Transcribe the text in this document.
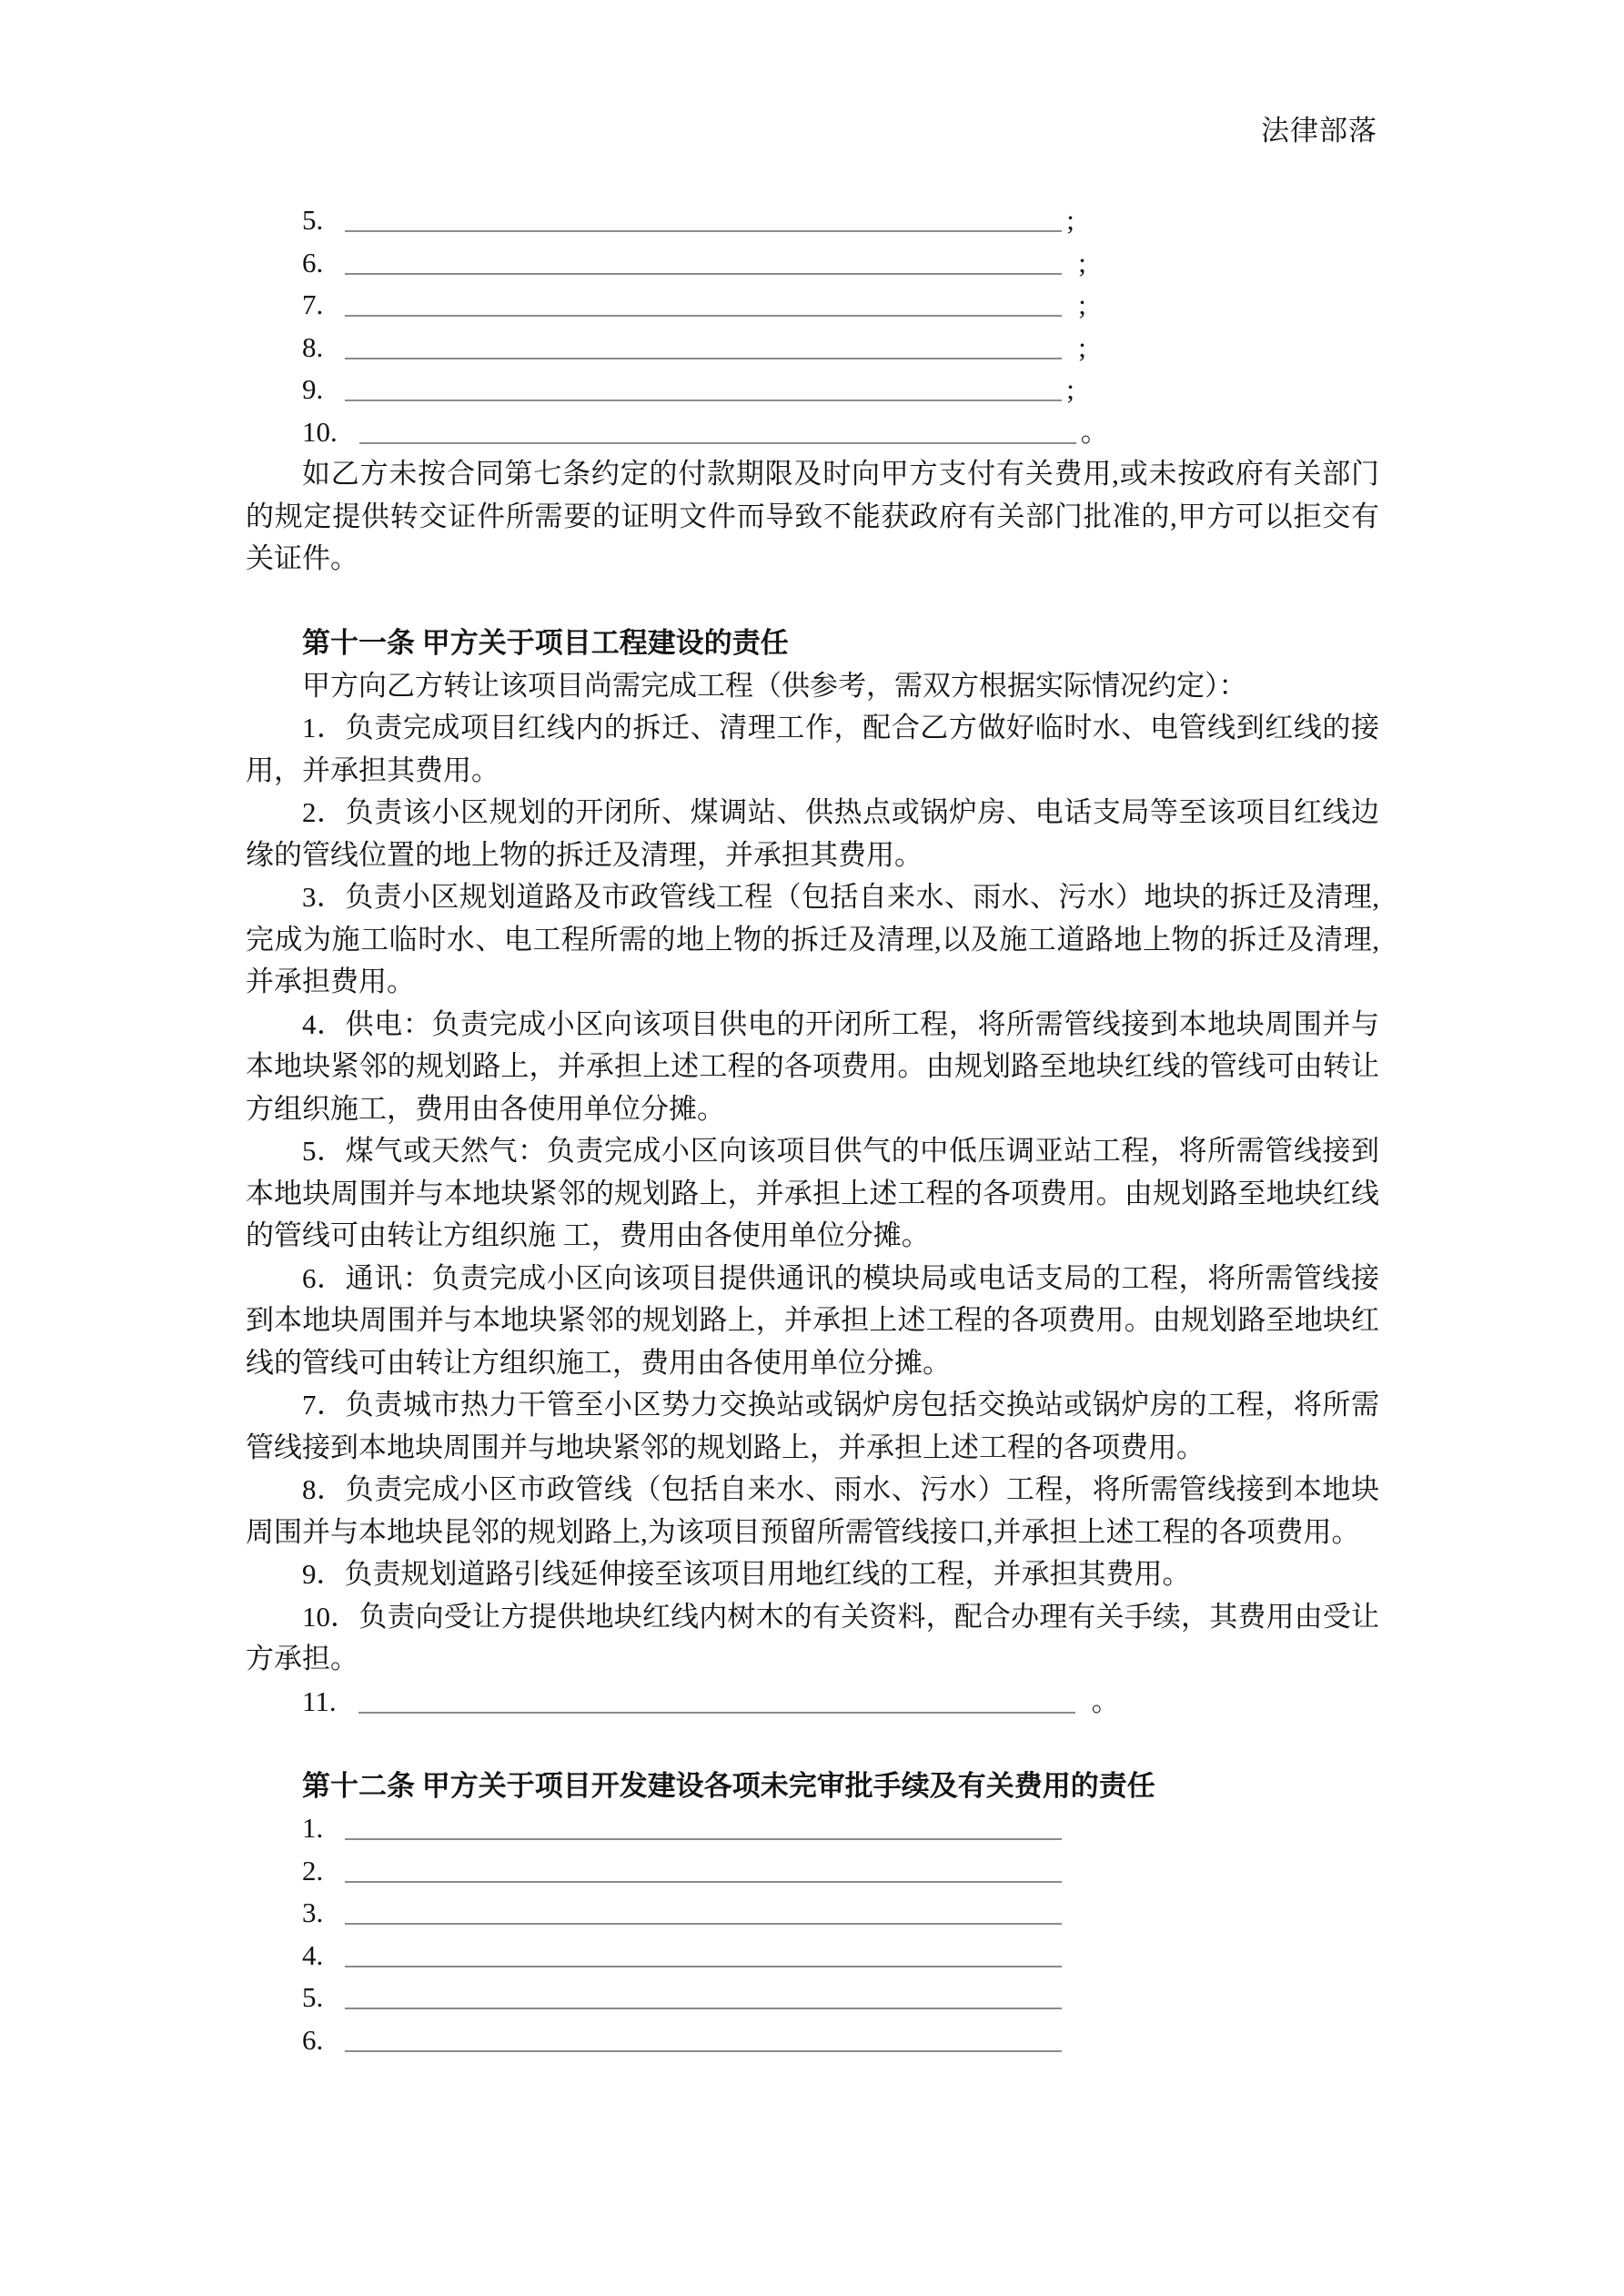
法律部落
5.	;
6.	;
7.	;
8.	;
9.	;
10.	。

如乙方未按合同第七条约定的付款期限及时向甲方支付有关费用,或未按政府有关部门的规定提供转交证件所需要的证明文件而导致不能获政府有关部门批准的,甲方可以拒交有关证件。

第十一条 甲方关于项目工程建设的责任

甲方向乙方转让该项目尚需完成工程（供参考，需双方根据实际情况约定）：

1．负责完成项目红线内的拆迁、清理工作，配合乙方做好临时水、电管线到红线的接用，并承担其费用。

2．负责该小区规划的开闭所、煤调站、供热点或锅炉房、电话支局等至该项目红线边缘的管线位置的地上物的拆迁及清理，并承担其费用。

3．负责小区规划道路及市政管线工程（包括自来水、雨水、污水）地块的拆迁及清理,完成为施工临时水、电工程所需的地上物的拆迁及清理,以及施工道路地上物的拆迁及清理,并承担费用。

4．供电：负责完成小区向该项目供电的开闭所工程，将所需管线接到本地块周围并与本地块紧邻的规划路上，并承担上述工程的各项费用。由规划路至地块红线的管线可由转让方组织施工，费用由各使用单位分摊。

5．煤气或天然气：负责完成小区向该项目供气的中低压调亚站工程，将所需管线接到本地块周围并与本地块紧邻的规划路上，并承担上述工程的各项费用。由规划路至地块红线的管线可由转让方组织施 工，费用由各使用单位分摊。

6．通讯：负责完成小区向该项目提供通讯的模块局或电话支局的工程，将所需管线接到本地块周围并与本地块紧邻的规划路上，并承担上述工程的各项费用。由规划路至地块红线的管线可由转让方组织施工，费用由各使用单位分摊。

7．负责城市热力干管至小区势力交换站或锅炉房包括交换站或锅炉房的工程，将所需管线接到本地块周围并与地块紧邻的规划路上，并承担上述工程的各项费用。

8．负责完成小区市政管线（包括自来水、雨水、污水）工程，将所需管线接到本地块周围并与本地块昆邻的规划路上,为该项目预留所需管线接口,并承担上述工程的各项费用。

9．负责规划道路引线延伸接至该项目用地红线的工程，并承担其费用。

10．负责向受让方提供地块红线内树木的有关资料，配合办理有关手续，其费用由受让方承担。

11.	。

第十二条 甲方关于项目开发建设各项未完审批手续及有关费用的责任

1.
2.
3.
4.
5.
6.
